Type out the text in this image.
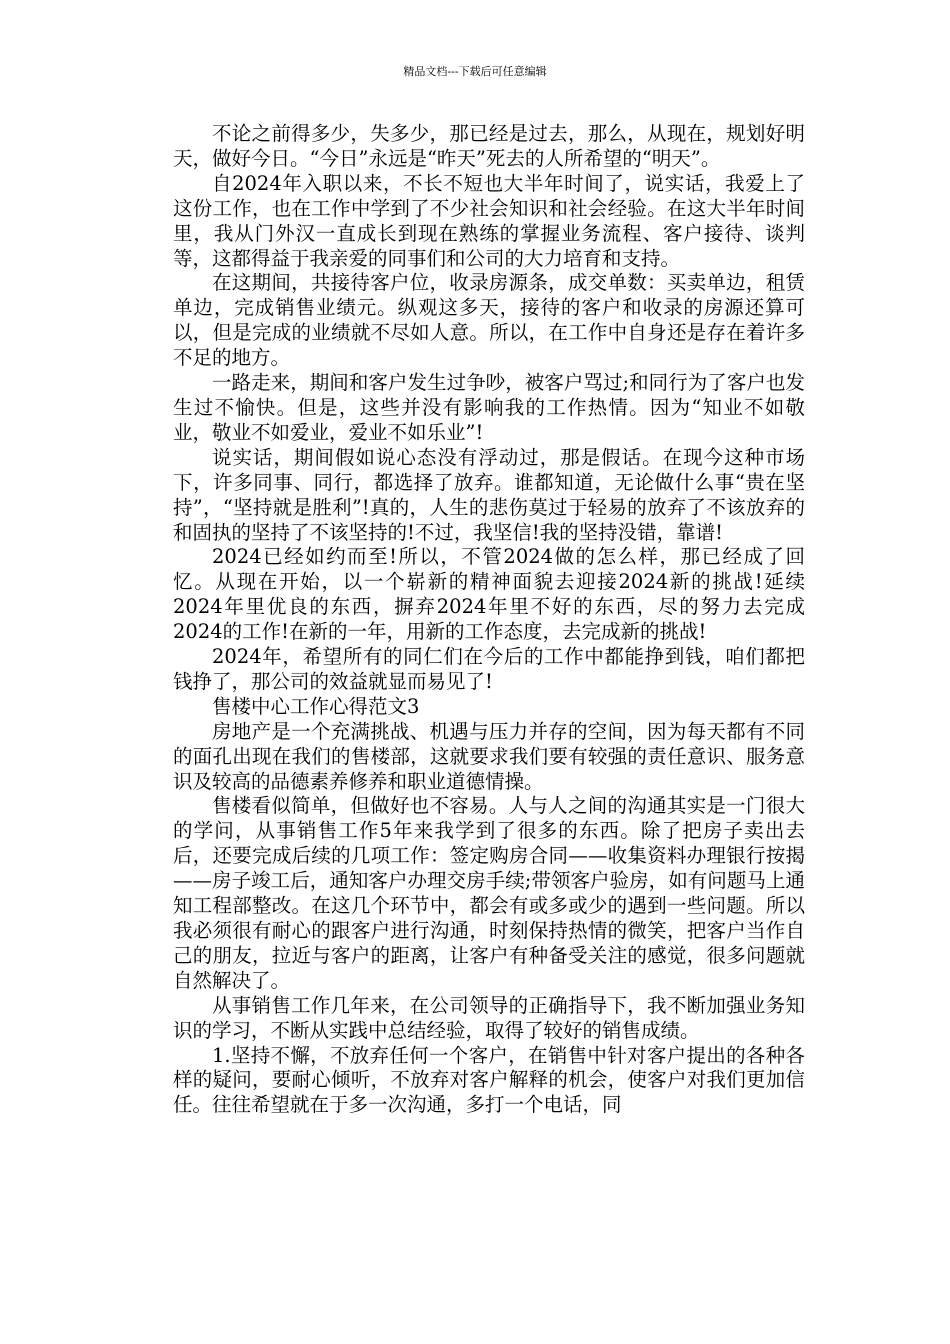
精品文档---下载后可任意编辑

不论之前得多少，失多少，那已经是过去，那么，从现在，规划好明天，做好今日。“今日”永远是“昨天”死去的人所希望的“明天”。

自2024年入职以来，不长不短也大半年时间了，说实话，我爱上了这份工作，也在工作中学到了不少社会知识和社会经验。在这大半年时间里，我从门外汉一直成长到现在熟练的掌握业务流程、客户接待、谈判等，这都得益于我亲爱的同事们和公司的大力培育和支持。

在这期间，共接待客户位，收录房源条，成交单数：买卖单边，租赁单边，完成销售业绩元。纵观这多天，接待的客户和收录的房源还算可以，但是完成的业绩就不尽如人意。所以，在工作中自身还是存在着许多不足的地方。

一路走来，期间和客户发生过争吵，被客户骂过;和同行为了客户也发生过不愉快。但是，这些并没有影响我的工作热情。因为“知业不如敬业，敬业不如爱业，爱业不如乐业”!

说实话，期间假如说心态没有浮动过，那是假话。在现今这种市场下，许多同事、同行，都选择了放弃。谁都知道，无论做什么事“贵在坚持”，“坚持就是胜利”!真的，人生的悲伤莫过于轻易的放弃了不该放弃的和固执的坚持了不该坚持的!不过，我坚信!我的坚持没错，靠谱!

2024已经如约而至!所以，不管2024做的怎么样，那已经成了回忆。从现在开始，以一个崭新的精神面貌去迎接2024新的挑战!延续2024年里优良的东西，摒弃2024年里不好的东西，尽的努力去完成2024的工作!在新的一年，用新的工作态度，去完成新的挑战!

2024年，希望所有的同仁们在今后的工作中都能挣到钱，咱们都把钱挣了，那公司的效益就显而易见了!

售楼中心工作心得范文3

房地产是一个充满挑战、机遇与压力并存的空间，因为每天都有不同的面孔出现在我们的售楼部，这就要求我们要有较强的责任意识、服务意识及较高的品德素养修养和职业道德情操。

售楼看似简单，但做好也不容易。人与人之间的沟通其实是一门很大的学问，从事销售工作5年来我学到了很多的东西。除了把房子卖出去后，还要完成后续的几项工作：签定购房合同——收集资料办理银行按揭——房子竣工后，通知客户办理交房手续;带领客户验房，如有问题马上通知工程部整改。在这几个环节中，都会有或多或少的遇到一些问题。所以我必须很有耐心的跟客户进行沟通，时刻保持热情的微笑，把客户当作自己的朋友，拉近与客户的距离，让客户有种备受关注的感觉，很多问题就自然解决了。

从事销售工作几年来，在公司领导的正确指导下，我不断加强业务知识的学习，不断从实践中总结经验，取得了较好的销售成绩。

1.坚持不懈，不放弃任何一个客户，在销售中针对客户提出的各种各样的疑问，要耐心倾听，不放弃对客户解释的机会，使客户对我们更加信任。往往希望就在于多一次沟通，多打一个电话，同
